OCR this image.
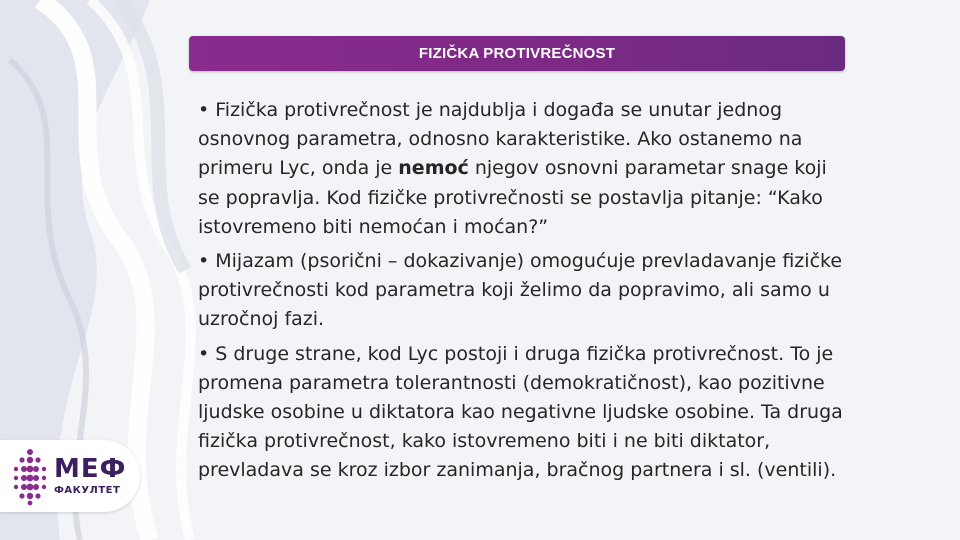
FIZIČKA PROTIVREČNOST

• Fizička protivrečnost je najdublja i događa se unutar jednog osnovnog parametra, odnosno karakteristike. Ako ostanemo na primeru Lyc, onda je nemoć njegov osnovni parametar snage koji se popravlja. Kod fizičke protivrečnosti se postavlja pitanje: “Kako istovremeno biti nemoćan i moćan?”

• Mijazam (psorični – dokazivanje) omogućuje prevladavanje fizičke protivrečnosti kod parametra koji želimo da popravimo, ali samo u uzročnoj fazi.

• S druge strane, kod Lyc postoji i druga fizička protivrečnost. To je promena parametra tolerantnosti (demokratičnost), kao pozitivne ljudske osobine u diktatora kao negativne ljudske osobine. Ta druga fizička protivrečnost, kako istovremeno biti i ne biti diktator, prevladava se kroz izbor zanimanja, bračnog partnera i sl. (ventili).

МЕФ
ФАКУЛТЕТ
